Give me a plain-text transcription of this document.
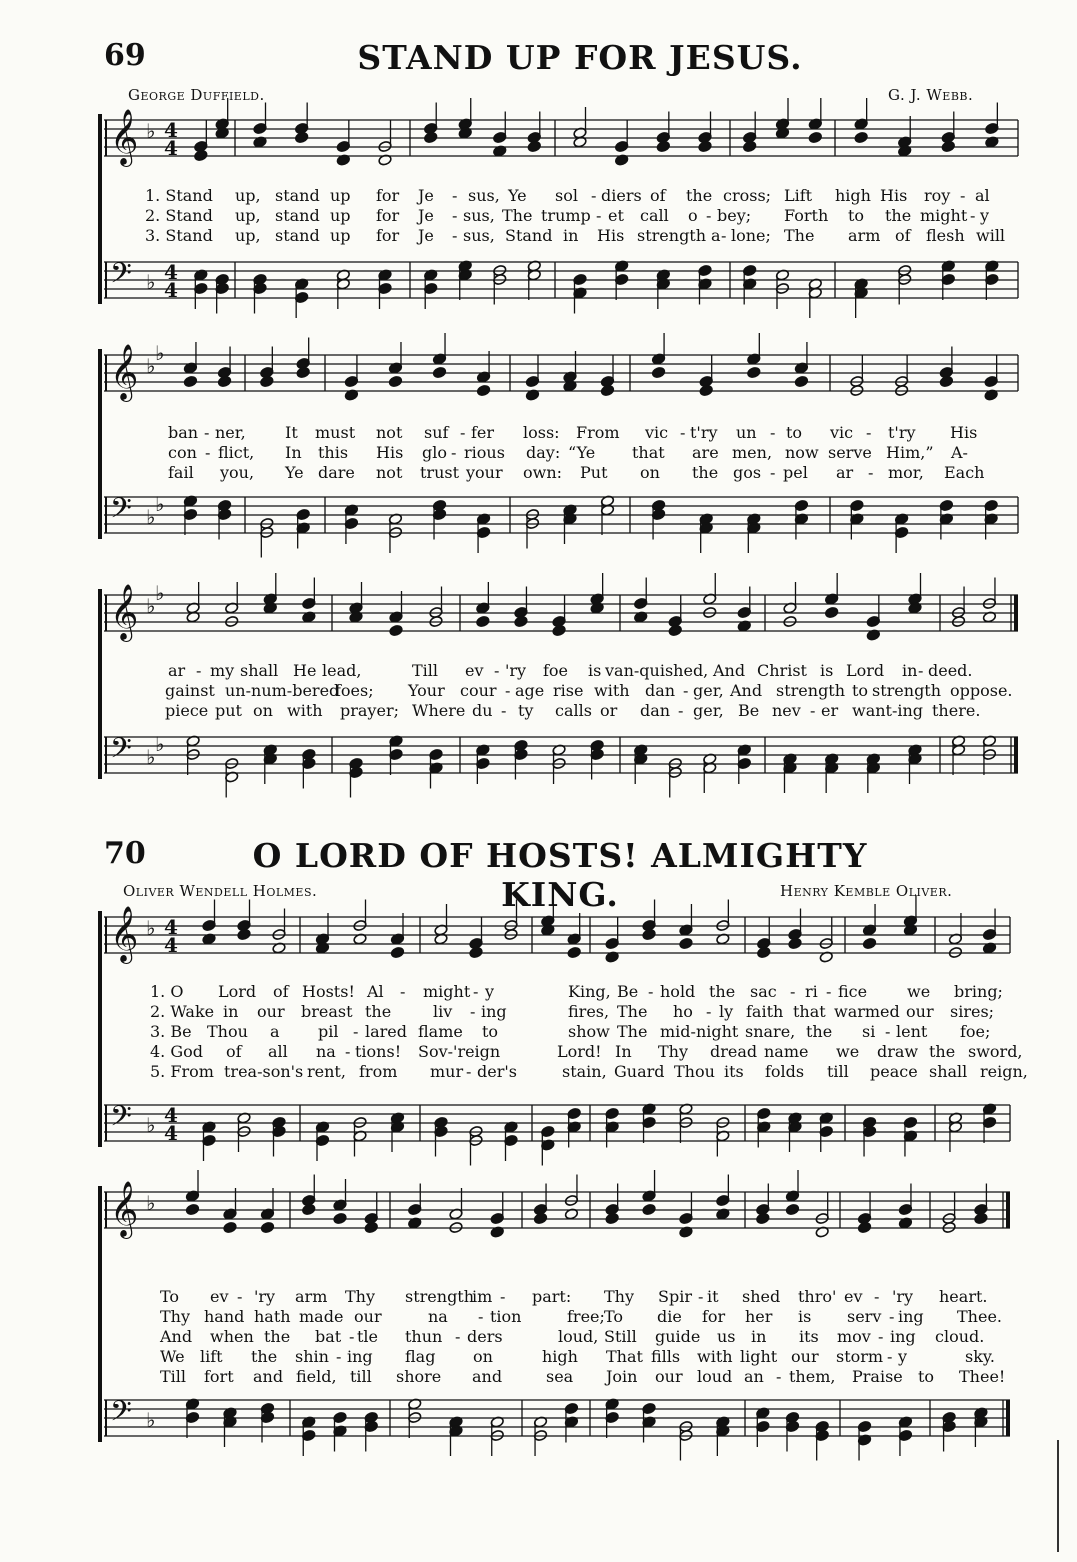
69	STAND UP FOR JESUS.
George Duffield.	G. J. Webb.
70	O LORD OF HOSTS! ALMIGHTY KING.
Oliver Wendell Holmes.	Henry Kemble Oliver.
𝄞 ♭ 4
4
𝄢 ♭ 4
4
1. Stand up, stand up for Je - sus, Ye sol - diers of the cross; Lift high His roy - al
2. Stand up, stand up for Je - sus, The trump - et call o - bey; Forth to the might - y
3. Stand up, stand up for Je - sus, Stand in His strength a - lone; The arm of flesh will
𝄞 ♭
♭
𝄢 ♭
♭
ban - ner, It must not suf - fer loss: From vic - t'ry un - to vic - t'ry His
con - flict, In this His glo - rious day: “Ye that are men, now serve Him,” A-
fail you, Ye dare not trust your own: Put on the gos - pel ar - mor, Each
𝄞 ♭
♭
𝄢 ♭
♭
ar - my shall He lead,	Till ev - 'ry foe is van-quished, And Christ is Lord in - deed.
gainst un-num-bered
foes; Your cour - age rise with dan - ger, And strength to strength oppose.
piece put on with prayer; Where du - ty calls or dan - ger, Be nev - er want-ing there.
𝄞 ♭ 4
4
𝄢 ♭ 4
4
1. O Lord of Hosts! Al - might - y	King, Be - hold the sac - ri - fice we bring;
2. Wake in our breast the	liv - ing	fires, The ho - ly faith that warmed our sires;
3. Be Thou a pil - lared flame to	show The mid-night snare, the si - lent foe;
4. God of all na - tions! Sov-'reign	Lord! In Thy dread name we draw the sword,
5. From trea-son's rent, from mur - der's	stain, Guard Thou its folds till peace shall reign,
𝄞 ♭
𝄢 ♭
To ev - 'ry arm Thy strength
im - part: Thy Spir - it shed thro' ev - 'ry heart.
Thy hand hath made our	na - tion	free; To die for her is serv - ing Thee.
And when the bat - tle thun - ders	loud, Still guide us in its mov - ing cloud.
We lift the shin - ing flag on	high That fills with light our storm - y	sky.
Till fort and field, till shore and	sea Join our loud an - them, Praise to Thee!
